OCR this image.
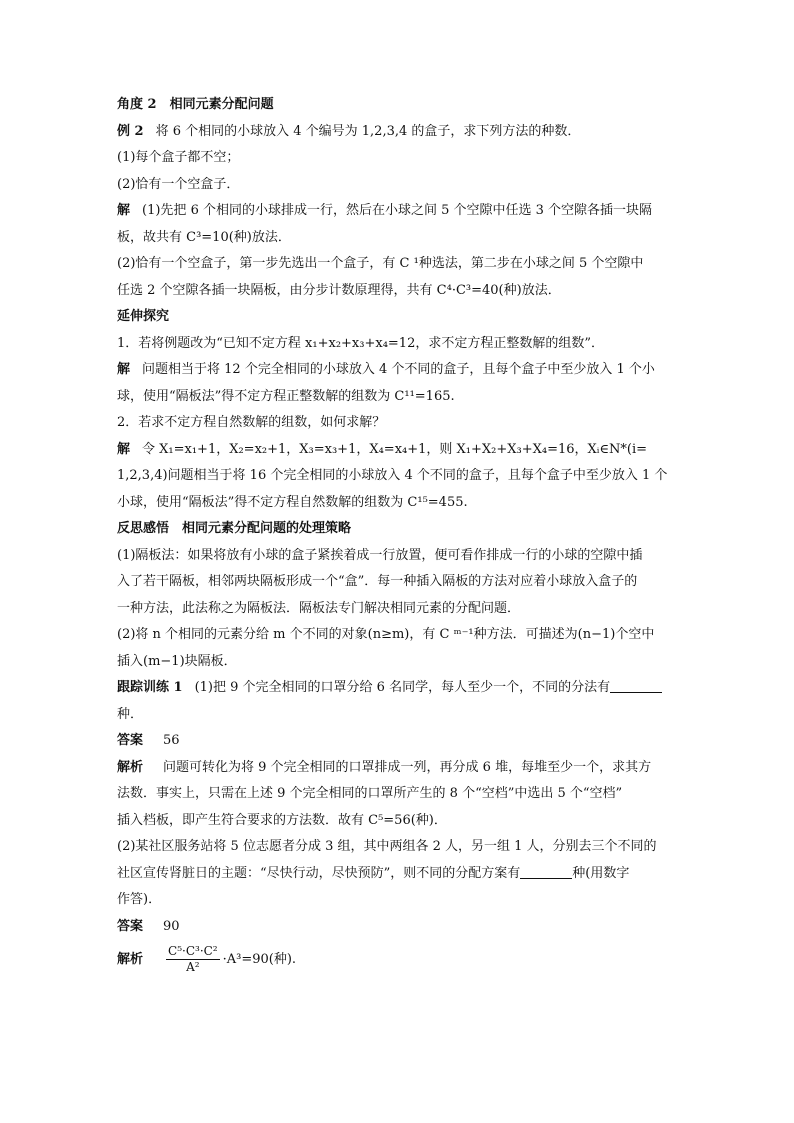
角度 2　相同元素分配问题
例 2 将 6 个相同的小球放入 4 个编号为 1,2,3,4 的盒子，求下列方法的种数．
(1)每个盒子都不空；
(2)恰有一个空盒子．
解 (1)先把 6 个相同的小球排成一行，然后在小球之间 5 个空隙中任选 3 个空隙各插一块隔
板，故共有 C³=10(种)放法．
(2)恰有一个空盒子，第一步先选出一个盒子，有 C ¹种选法，第二步在小球之间 5 个空隙中
任选 2 个空隙各插一块隔板，由分步计数原理得，共有 C⁴·C³=40(种)放法．
延伸探究
1．若将例题改为“已知不定方程 x₁+x₂+x₃+x₄=12，求不定方程正整数解的组数”．
解 问题相当于将 12 个完全相同的小球放入 4 个不同的盒子，且每个盒子中至少放入 1 个小
球，使用“隔板法”得不定方程正整数解的组数为 C¹¹=165.
2．若求不定方程自然数解的组数，如何求解？
解 令 X₁=x₁+1，X₂=x₂+1，X₃=x₃+1，X₄=x₄+1，则 X₁+X₂+X₃+X₄=16，Xᵢ∈N*(i=
1,2,3,4)问题相当于将 16 个完全相同的小球放入 4 个不同的盒子，且每个盒子中至少放入 1 个
小球，使用“隔板法”得不定方程自然数解的组数为 C¹⁵=455.
反思感悟　相同元素分配问题的处理策略
(1)隔板法：如果将放有小球的盒子紧挨着成一行放置，便可看作排成一行的小球的空隙中插
入了若干隔板，相邻两块隔板形成一个“盒”．每一种插入隔板的方法对应着小球放入盒子的
一种方法，此法称之为隔板法．隔板法专门解决相同元素的分配问题．
(2)将 n 个相同的元素分给 m 个不同的对象(n≥m)，有 C ᵐ⁻¹种方法．可描述为(n−1)个空中
插入(m−1)块隔板．
跟踪训练 1 (1)把 9 个完全相同的口罩分给 6 名同学，每人至少一个，不同的分法有
种．
答案 56
解析 问题可转化为将 9 个完全相同的口罩排成一列，再分成 6 堆，每堆至少一个，求其方
法数．事实上，只需在上述 9 个完全相同的口罩所产生的 8 个“空档”中选出 5 个“空档”
插入档板，即产生符合要求的方法数．故有 C⁵=56(种)．
(2)某社区服务站将 5 位志愿者分成 3 组，其中两组各 2 人，另一组 1 人，分别去三个不同的
社区宣传肾脏日的主题：“尽快行动，尽快预防”，则不同的分配方案有	种(用数字
作答)．
答案 90
解析 $\frac{\text{C⁵·C³·C²}}{\text{A²}} \cdot A^3=90$(种).
